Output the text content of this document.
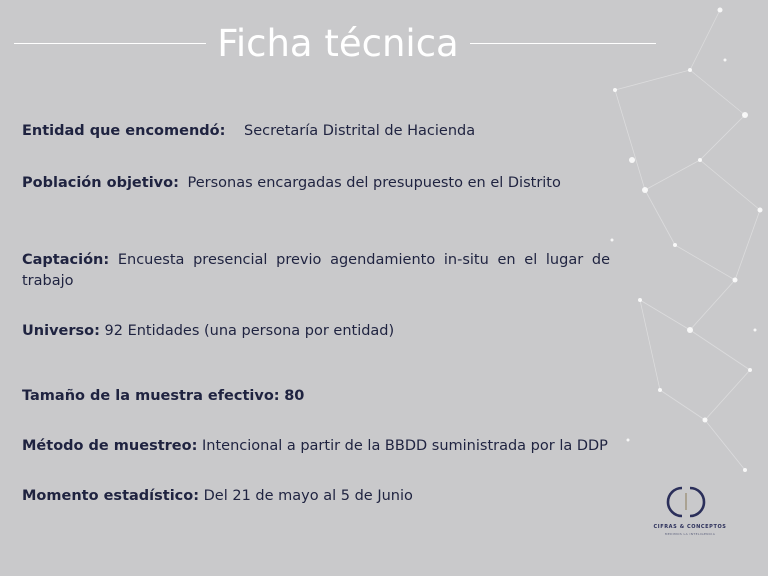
Ficha técnica
Entidad que encomendó: Secretaría Distrital de Hacienda
Población objetivo: Personas encargadas del presupuesto en el Distrito
Captación: Encuesta presencial previo agendamiento in-situ en el lugar de trabajo
Universo: 92 Entidades (una persona por entidad)
Tamaño de la muestra efectivo: 80
Método de muestreo: Intencional a partir de la BBDD suministrada por la DDP
Momento estadístico: Del 21 de mayo al 5 de Junio
CIFRAS & CONCEPTOS
MEDIMOS LA INTELIGENCIA
